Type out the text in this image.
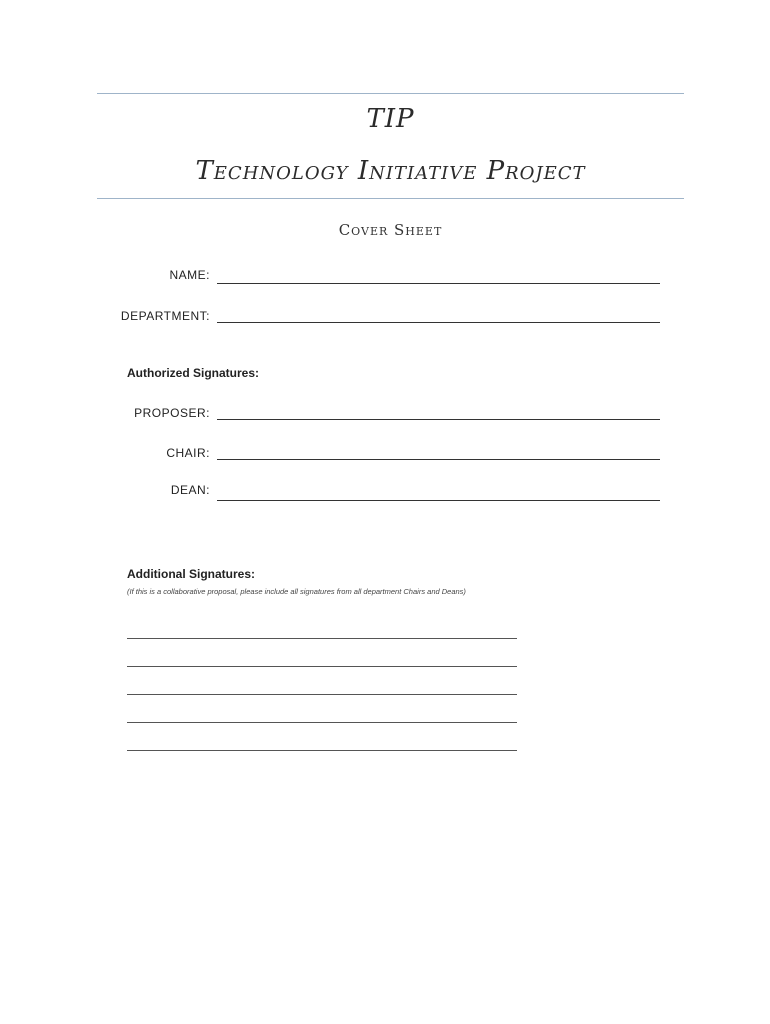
TIP
Technology Initiative Project
Cover Sheet
NAME:
DEPARTMENT:
Authorized Signatures:
PROPOSER:
CHAIR:
DEAN:
Additional Signatures:
(If this is a collaborative proposal, please include all signatures from all department Chairs and Deans)
